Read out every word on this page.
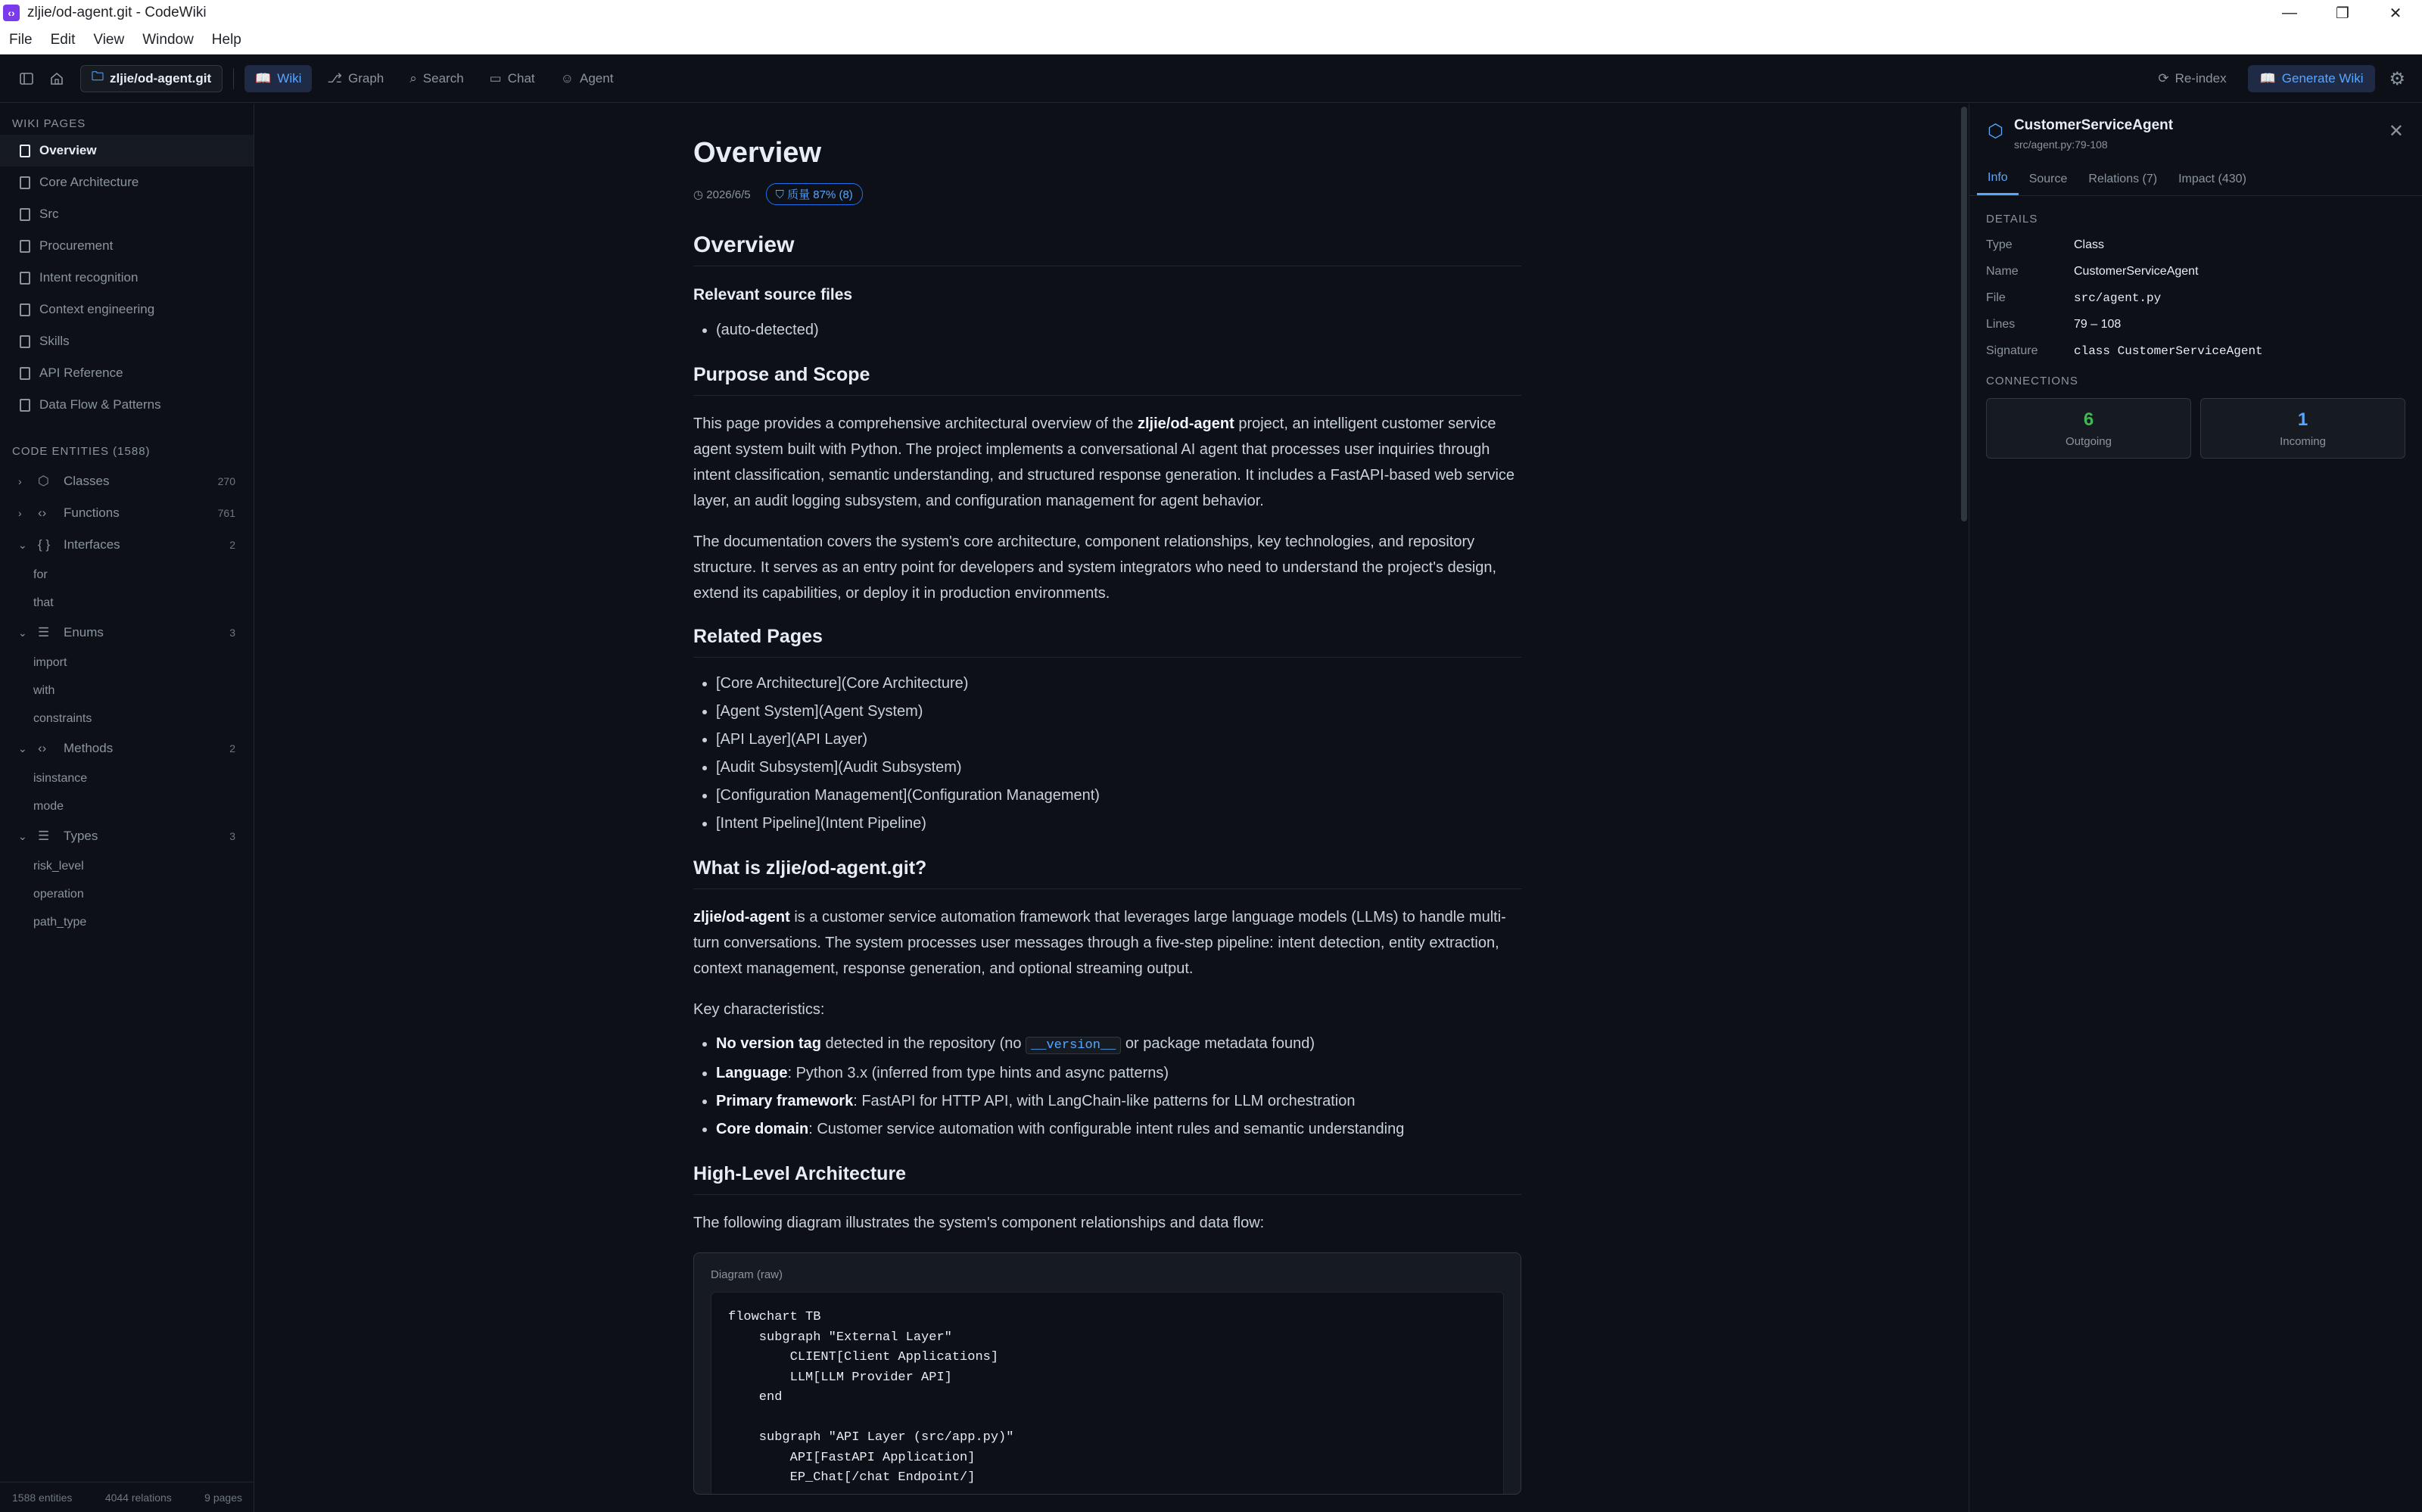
‹› zljie/od-agent.git - CodeWiki	—	❐	✕
File	Edit	View	Window	Help
🗀 zljie/od-agent.git	📖 Wiki ⎇ Graph ⌕ Search ▭ Chat ☺ Agent	⟳ Re-index	📖 Generate Wiki ⚙
WIKI PAGES
Overview
Core Architecture
Src
Procurement
Intent recognition
Context engineering
Skills
API Reference
Data Flow & Patterns
CODE ENTITIES (1588)
›	⬡	Classes	270
›	‹›	Functions	761
⌄ { }	Interfaces	2
for
that
⌄ ☰	Enums	3
import
with
constraints
⌄ ‹›	Methods	2
isinstance
mode
⌄ ☰	Types	3
risk_level
operation
path_type
1588 entities	4044 relations	9 pages
Overview
◷ 2026/6/5	⛉ 质量 87% (8)
Overview
Relevant source files
• (auto-detected)
Purpose and Scope

This page provides a comprehensive architectural overview of the zljie/od-agent project, an intelligent customer service agent system built with Python. The project implements a conversational AI agent that processes user inquiries through intent classification, semantic understanding, and structured response generation. It includes a FastAPI-based web service layer, an audit logging subsystem, and configuration management for agent behavior.

The documentation covers the system's core architecture, component relationships, key technologies, and repository structure. It serves as an entry point for developers and system integrators who need to understand the project's design, extend its capabilities, or deploy it in production environments.

Related Pages
• [Core Architecture](Core Architecture)
• [Agent System](Agent System)
• [API Layer](API Layer)
• [Audit Subsystem](Audit Subsystem)
• [Configuration Management](Configuration Management)
• [Intent Pipeline](Intent Pipeline)
What is zljie/od-agent.git?

zljie/od-agent is a customer service automation framework that leverages large language models (LLMs) to handle multi-turn conversations. The system processes user messages through a five-step pipeline: intent detection, entity extraction, context management, response generation, and optional streaming output.

Key characteristics:

• No version tag detected in the repository (no __version__ or package metadata found)
• Language: Python 3.x (inferred from type hints and async patterns)
• Primary framework: FastAPI for HTTP API, with LangChain-like patterns for LLM orchestration
• Core domain: Customer service automation with configurable intent rules and semantic understanding
High-Level Architecture

The following diagram illustrates the system's component relationships and data flow:

Diagram (raw)
flowchart TB
subgraph "External Layer"
CLIENT[Client Applications]
LLM[LLM Provider API]
end

subgraph "API Layer (src/app.py)"
API[FastAPI Application]
EP_Chat[/chat Endpoint/]
⬡ CustomerServiceAgent
src/agent.py:79-108
✕
Info	Source	Relations (7)	Impact (430)
DETAILS
Type	Class
Name	CustomerServiceAgent
File	src/agent.py
Lines	79 – 108
Signature	class CustomerServiceAgent
CONNECTIONS
6
Outgoing
1
Incoming
